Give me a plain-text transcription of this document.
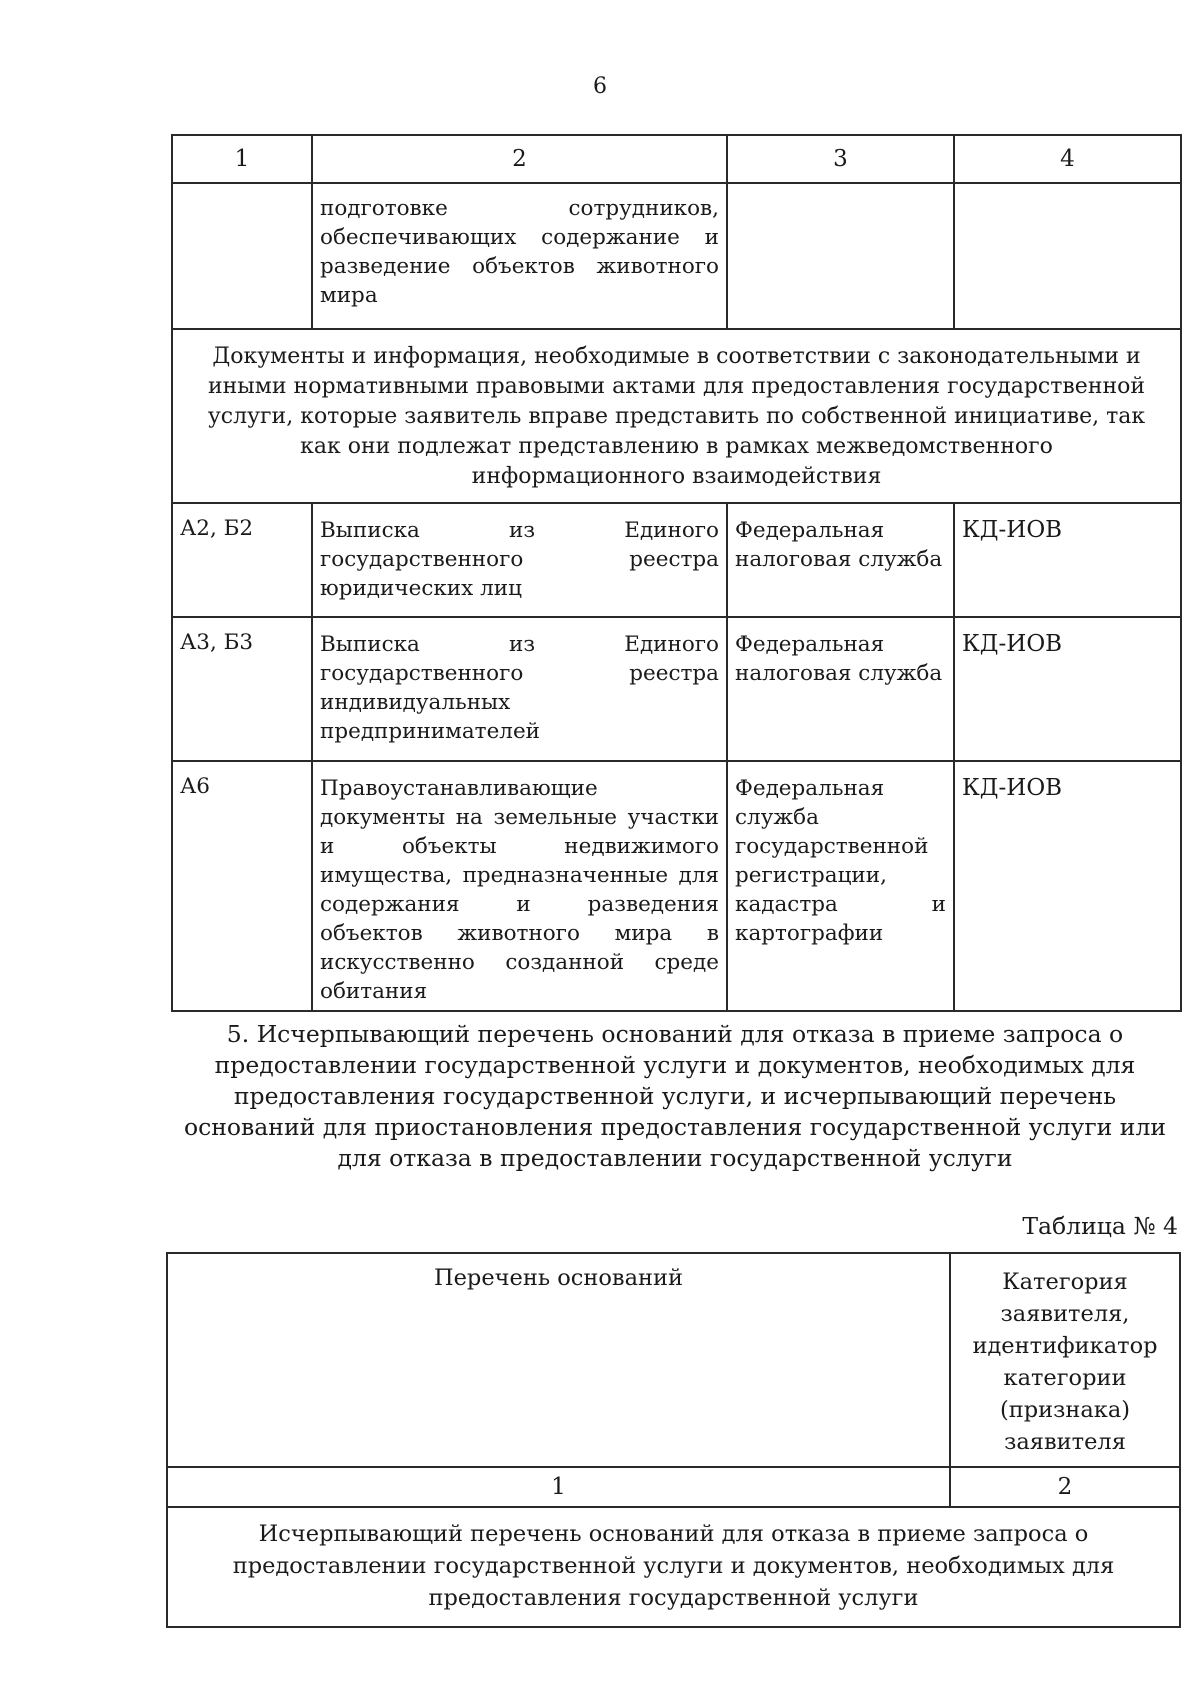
6
1	2	3	4
	подготовке сотрудников, обеспечивающих содержание и разведение объектов животного мира		
Документы и информация, необходимые в соответствии с законодательными и иными нормативными правовыми актами для предоставления государственной услуги, которые заявитель вправе представить по собственной инициативе, так как они подлежат представлению в рамках межведомственного информационного взаимодействия			
А2, Б2	Выписка из Единого государственного реестра юридических лиц	Федеральная налоговая служба	КД-ИОВ
А3, Б3	Выписка из Единого государственного реестра индивидуальных предпринимателей	Федеральная налоговая служба	КД-ИОВ
А6	Правоустанавливающие документы на земельные участки и объекты недвижимого имущества, предназначенные для содержания и разведения объектов животного мира в искусственно созданной среде обитания	Федеральная служба государственной регистрации, кадастра и картографии	КД-ИОВ
5. Исчерпывающий перечень оснований для отказа в приеме запроса о предоставлении государственной услуги и документов, необходимых для предоставления государственной услуги, и исчерпывающий перечень оснований для приостановления предоставления государственной услуги или для отказа в предоставлении государственной услуги
Таблица № 4
Перечень оснований	Категория заявителя, идентификатор категории (признака) заявителя
1	2
Исчерпывающий перечень оснований для отказа в приеме запроса о предоставлении государственной услуги и документов, необходимых для предоставления государственной услуги	
